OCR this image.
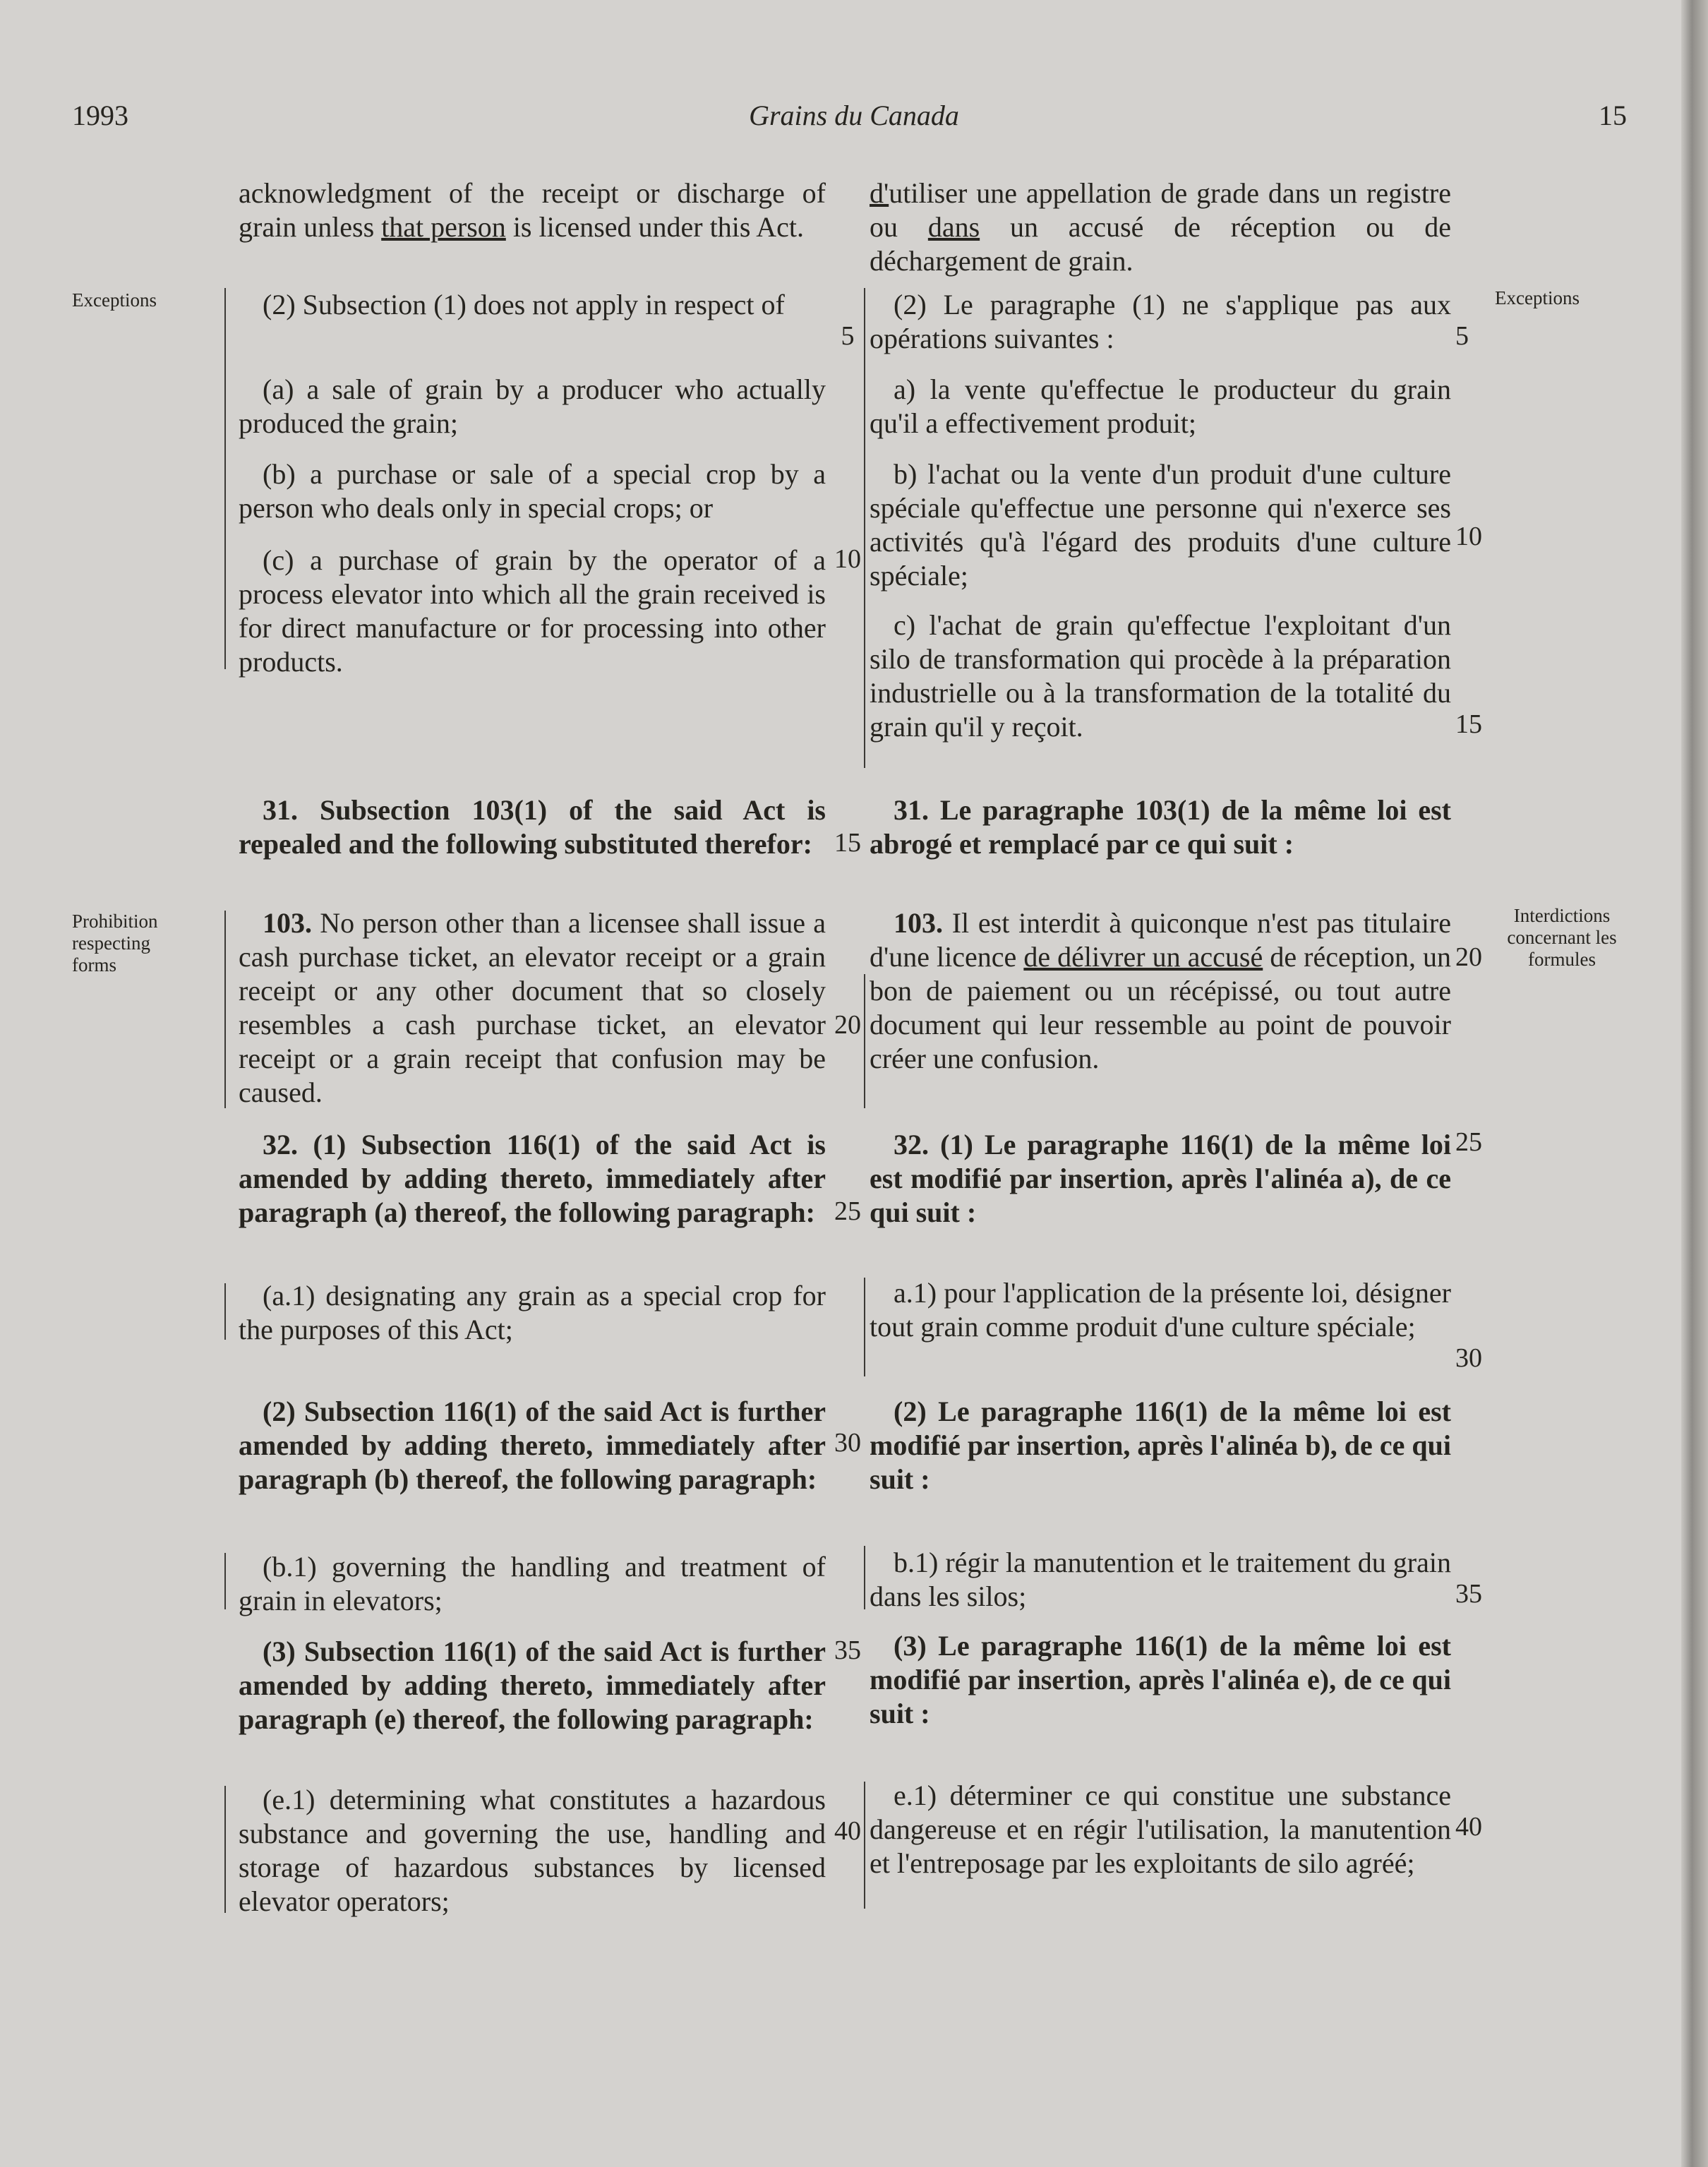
1993	Grains du Canada	15
Exceptions	Exceptions
Prohibition respecting forms
Interdictions concernant les formules
5	5
10
10
15
15
20
20
25
25
30
30
35
35
40	40

acknowledgment of the receipt or discharge of grain unless that person is licensed under this Act.

(2) Subsection (1) does not apply in respect of

(a) a sale of grain by a producer who actually produced the grain;

(b) a purchase or sale of a special crop by a person who deals only in special crops; or

(c) a purchase of grain by the operator of a process elevator into which all the grain received is for direct manufacture or for processing into other products.

31. Subsection 103(1) of the said Act is repealed and the following substituted therefor:

103. No person other than a licensee shall issue a cash purchase ticket, an elevator receipt or a grain receipt or any other document that so closely resembles a cash purchase ticket, an elevator receipt or a grain receipt that confusion may be caused.

32. (1) Subsection 116(1) of the said Act is amended by adding thereto, immediately after paragraph (a) thereof, the following paragraph:

(a.1) designating any grain as a special crop for the purposes of this Act;

(2) Subsection 116(1) of the said Act is further amended by adding thereto, immediately after paragraph (b) thereof, the following paragraph:

(b.1) governing the handling and treatment of grain in elevators;

(3) Subsection 116(1) of the said Act is further amended by adding thereto, immediately after paragraph (e) thereof, the following paragraph:

(e.1) determining what constitutes a hazardous substance and governing the use, handling and storage of hazardous substances by licensed elevator operators;

d'utiliser une appellation de grade dans un registre ou dans un accusé de réception ou de déchargement de grain.

(2) Le paragraphe (1) ne s'applique pas aux opérations suivantes :

a) la vente qu'effectue le producteur du grain qu'il a effectivement produit;

b) l'achat ou la vente d'un produit d'une culture spéciale qu'effectue une personne qui n'exerce ses activités qu'à l'égard des produits d'une culture spéciale;

c) l'achat de grain qu'effectue l'exploitant d'un silo de transformation qui procède à la préparation industrielle ou à la transformation de la totalité du grain qu'il y reçoit.

31. Le paragraphe 103(1) de la même loi est abrogé et remplacé par ce qui suit :

103. Il est interdit à quiconque n'est pas titulaire d'une licence de délivrer un accusé de réception, un bon de paiement ou un récépissé, ou tout autre document qui leur ressemble au point de pouvoir créer une confusion.

32. (1) Le paragraphe 116(1) de la même loi est modifié par insertion, après l'alinéa a), de ce qui suit :

a.1) pour l'application de la présente loi, désigner tout grain comme produit d'une culture spéciale;

(2) Le paragraphe 116(1) de la même loi est modifié par insertion, après l'alinéa b), de ce qui suit :

b.1) régir la manutention et le traitement du grain dans les silos;

(3) Le paragraphe 116(1) de la même loi est modifié par insertion, après l'alinéa e), de ce qui suit :

e.1) déterminer ce qui constitue une substance dangereuse et en régir l'utilisation, la manutention et l'entreposage par les exploitants de silo agréé;
